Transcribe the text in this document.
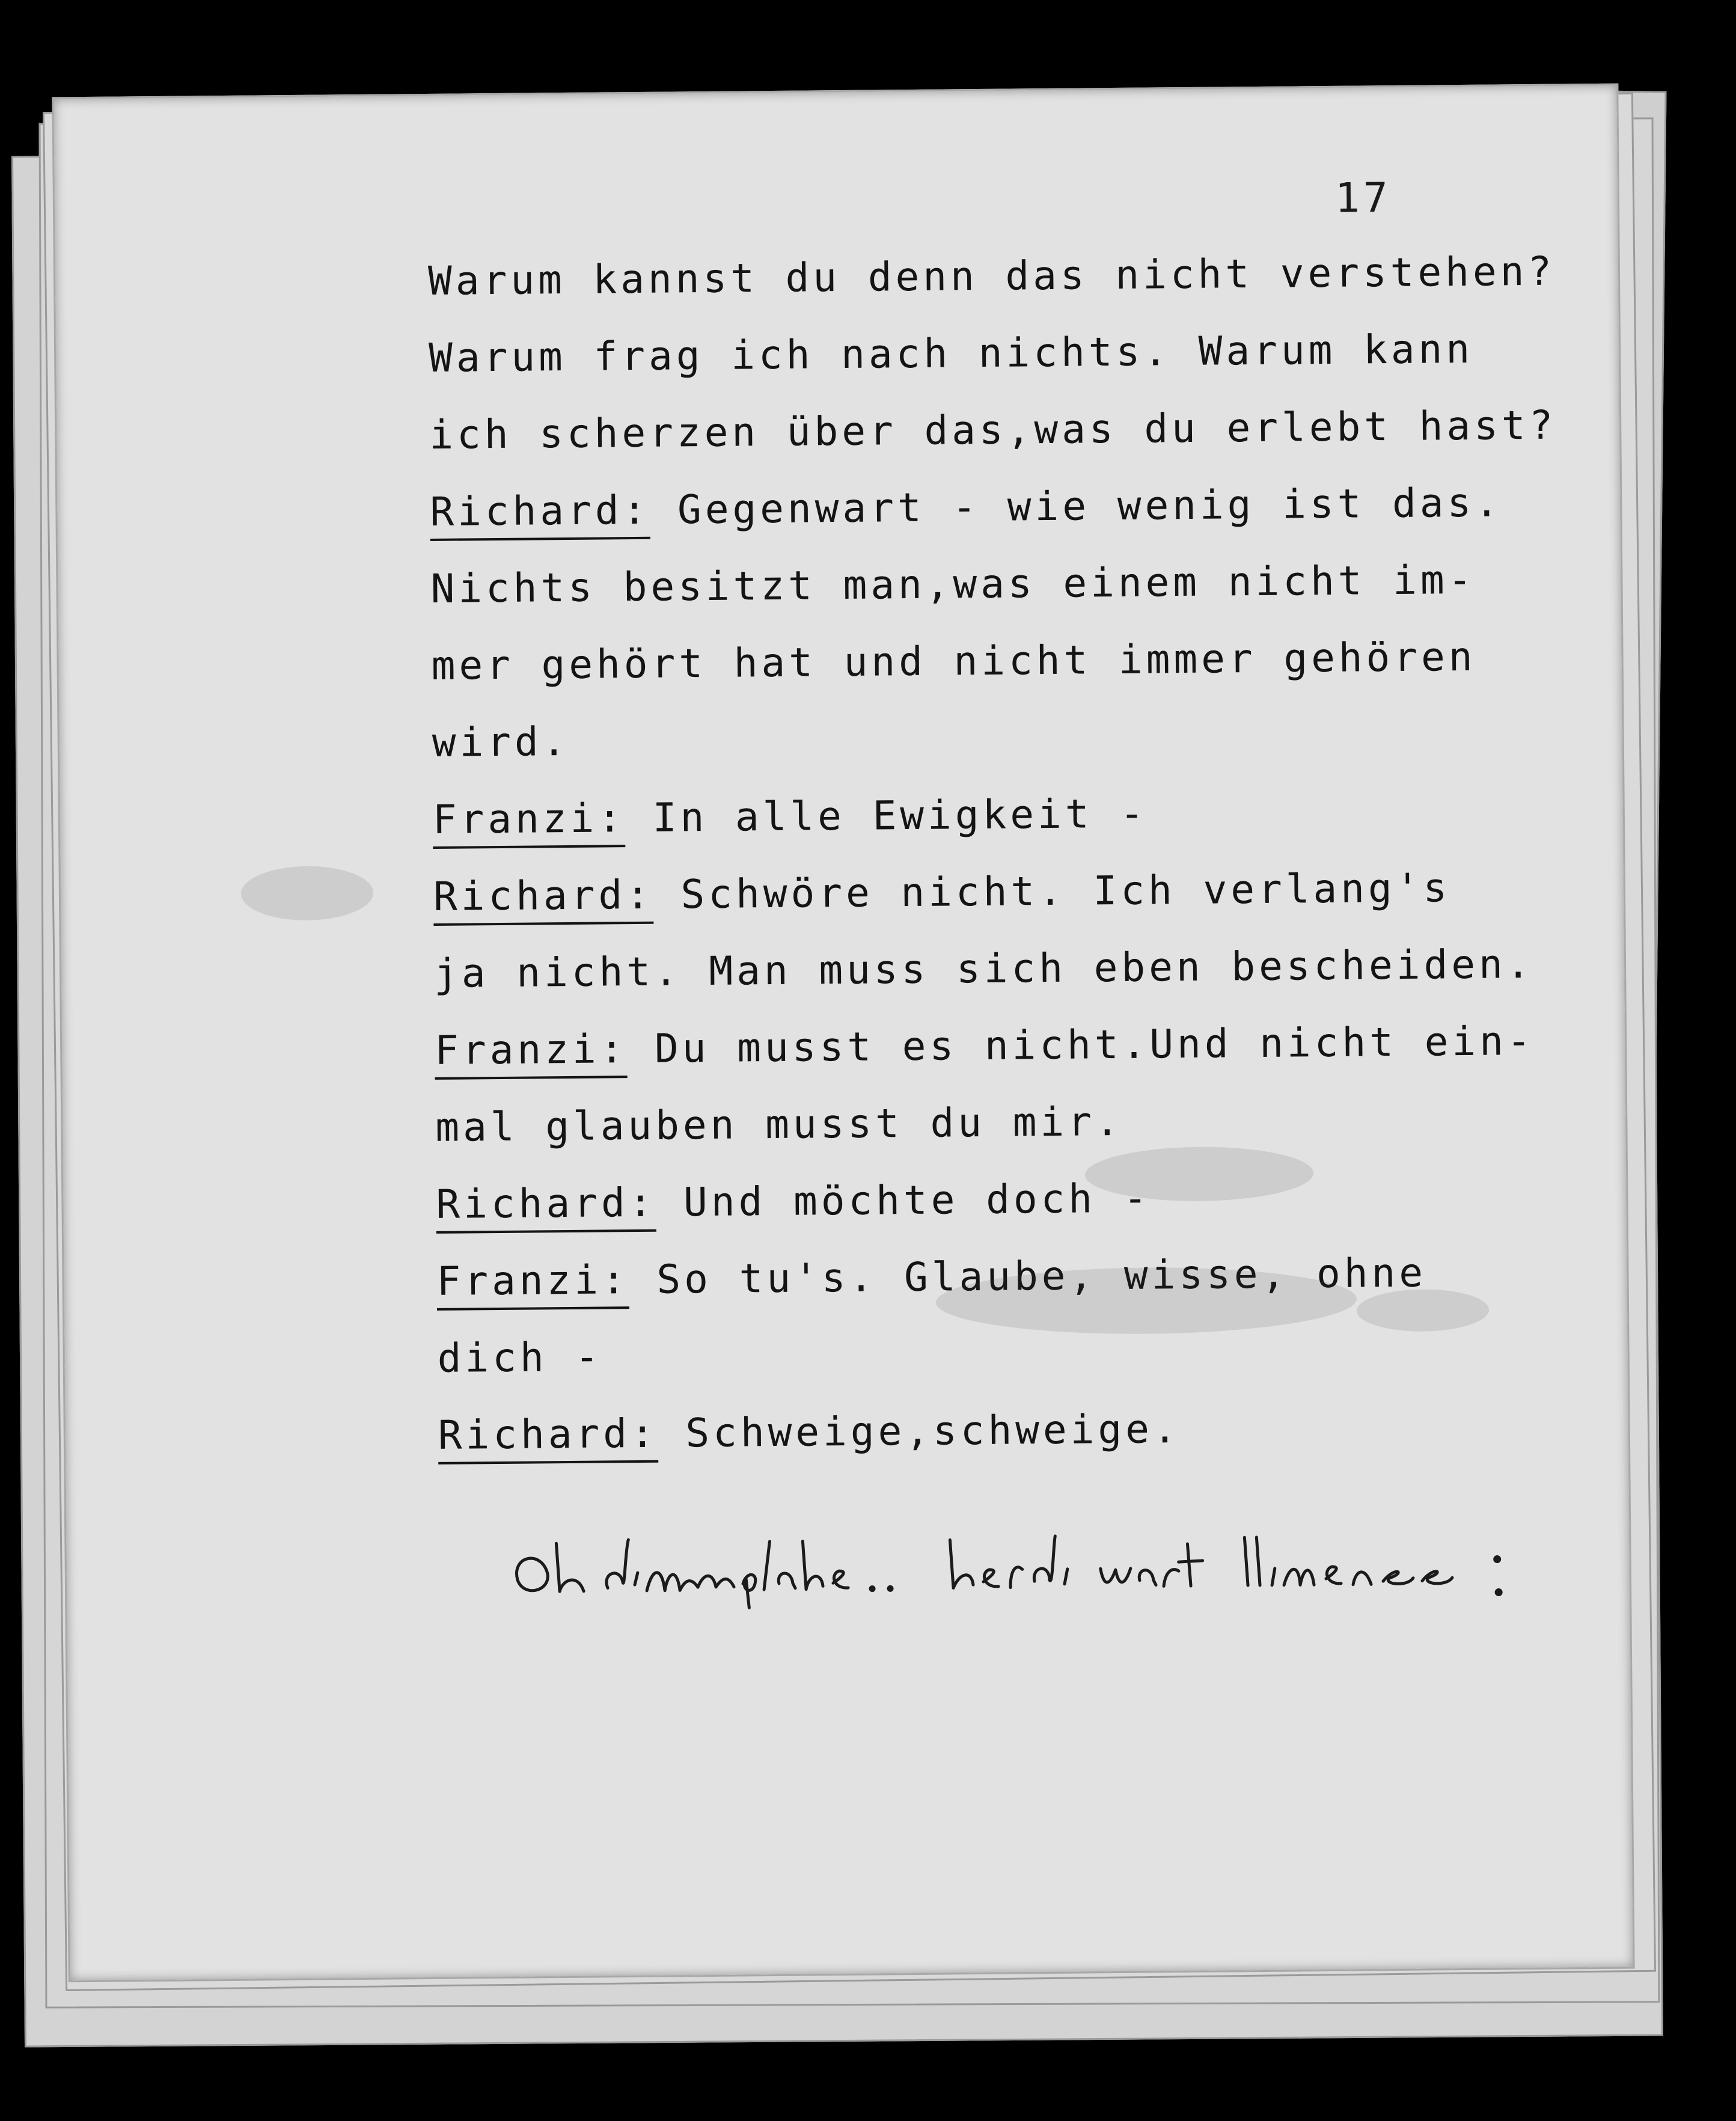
17
Warum kannst du denn das nicht verstehen?
Warum frag ich nach nichts. Warum kann
ich scherzen über das,was du erlebt hast?
Richard: Gegenwart - wie wenig ist das.
Nichts besitzt man,was einem nicht im-
mer gehört hat und nicht immer gehören
wird.
Franzi: In alle Ewigkeit -
Richard: Schwöre nicht. Ich verlang's
ja nicht. Man muss sich eben bescheiden.
Franzi: Du musst es nicht.Und nicht ein-
mal glauben musst du mir.
Richard: Und möchte doch -
Franzi: So tu's. Glaube, wisse, ohne
dich -
Richard: Schweige,schweige.
